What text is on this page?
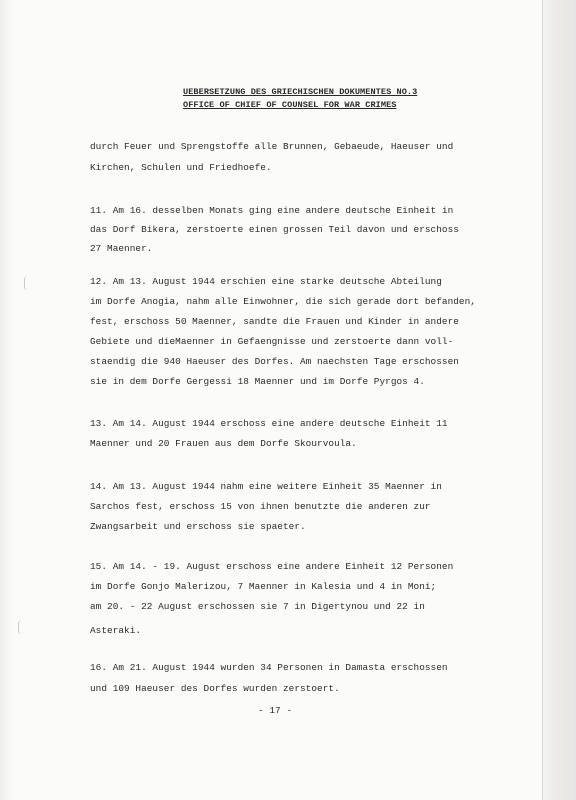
UEBERSETZUNG DES GRIECHISCHEN DOKUMENTES NO.3
OFFICE OF CHIEF OF COUNSEL FOR WAR CRIMES
durch Feuer und Sprengstoffe alle Brunnen, Gebaeude, Haeuser und
Kirchen, Schulen und Friedhoefe.
11. Am 16. desselben Monats ging eine andere deutsche Einheit in
das Dorf Bikera, zerstoerte einen grossen Teil davon und erschoss
27 Maenner.
12. Am 13. August 1944 erschien eine starke deutsche Abteilung
im Dorfe Anogia, nahm alle Einwohner, die sich gerade dort befanden,
fest, erschoss 50 Maenner, sandte die Frauen und Kinder in andere
Gebiete und dieMaenner in Gefaengnisse und zerstoerte dann voll-
staendig die 940 Haeuser des Dorfes. Am naechsten Tage erschossen
sie in dem Dorfe Gergessi 18 Maenner und im Dorfe Pyrgos 4.
13. Am 14. August 1944 erschoss eine andere deutsche Einheit 11
Maenner und 20 Frauen aus dem Dorfe Skourvoula.
14. Am 13. August 1944 nahm eine weitere Einheit 35 Maenner in
Sarchos fest, erschoss 15 von ihnen benutzte die anderen zur
Zwangsarbeit und erschoss sie spaeter.
15. Am 14. - 19. August erschoss eine andere Einheit 12 Personen
im Dorfe Gonjo Malerizou, 7 Maenner in Kalesia und 4 in Moni;
am 20. - 22 August erschossen sie 7 in Digertynou und 22 in
Asteraki.
16. Am 21. August 1944 wurden 34 Personen in Damasta erschossen
und 109 Haeuser des Dorfes wurden zerstoert.
- 17 -
